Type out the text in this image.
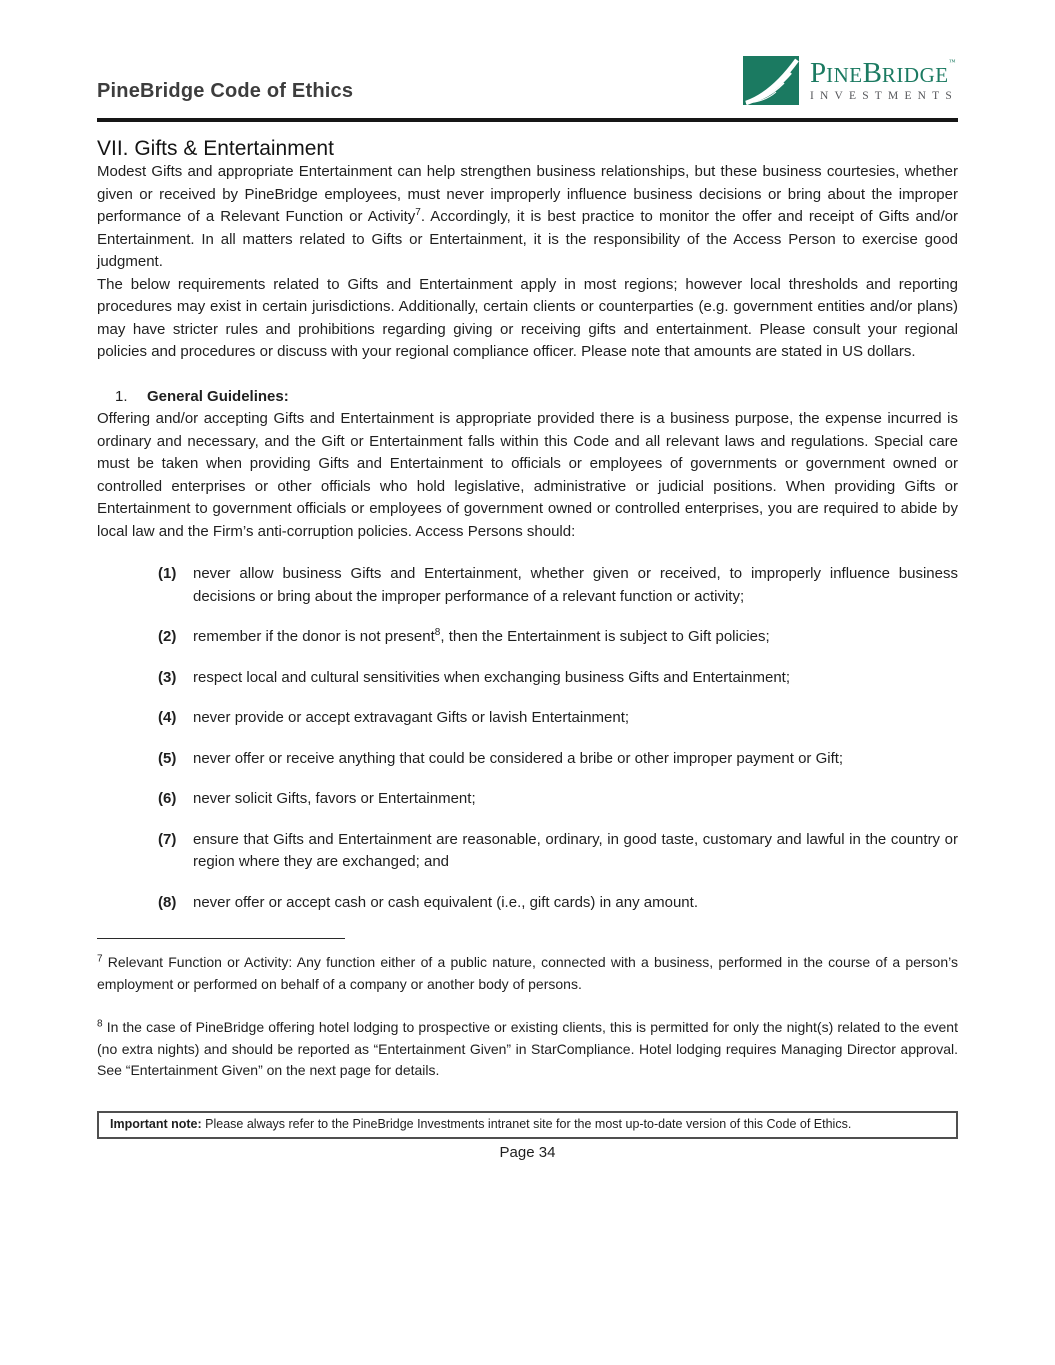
PineBridge Code of Ethics
PINEBRIDGE™
INVESTMENTS
VII. Gifts & Entertainment

Modest Gifts and appropriate Entertainment can help strengthen business relationships, but these business courtesies, whether given or received by PineBridge employees, must never improperly influence business decisions or bring about the improper performance of a Relevant Function or Activity$^7$. Accordingly, it is best practice to monitor the offer and receipt of Gifts and/or Entertainment. In all matters related to Gifts or Entertainment, it is the responsibility of the Access Person to exercise good judgment.

The below requirements related to Gifts and Entertainment apply in most regions; however local thresholds and reporting procedures may exist in certain jurisdictions. Additionally, certain clients or counterparties (e.g. government entities and/or plans) may have stricter rules and prohibitions regarding giving or receiving gifts and entertainment. Please consult your regional policies and procedures or discuss with your regional compliance officer. Please note that amounts are stated in US dollars.

1.	General Guidelines:

Offering and/or accepting Gifts and Entertainment is appropriate provided there is a business purpose, the expense incurred is ordinary and necessary, and the Gift or Entertainment falls within this Code and all relevant laws and regulations. Special care must be taken when providing Gifts and Entertainment to officials or employees of governments or government owned or controlled enterprises or other officials who hold legislative, administrative or judicial positions. When providing Gifts or Entertainment to government officials or employees of government owned or controlled enterprises, you are required to abide by local law and the Firm’s anti-corruption policies. Access Persons should:

(1)	never allow business Gifts and Entertainment, whether given or received, to improperly influence business decisions or bring about the improper performance of a relevant function or activity;
(2)	remember if the donor is not present$^8$, then the Entertainment is subject to Gift policies;
(3)	respect local and cultural sensitivities when exchanging business Gifts and Entertainment;
(4)	never provide or accept extravagant Gifts or lavish Entertainment;
(5)	never offer or receive anything that could be considered a bribe or other improper payment or Gift;
(6)	never solicit Gifts, favors or Entertainment;
(7)	ensure that Gifts and Entertainment are reasonable, ordinary, in good taste, customary and lawful in the country or region where they are exchanged; and
(8)	never offer or accept cash or cash equivalent (i.e., gift cards) in any amount.

$^7$ Relevant Function or Activity: Any function either of a public nature, connected with a business, performed in the course of a person’s employment or performed on behalf of a company or another body of persons.

$^8$ In the case of PineBridge offering hotel lodging to prospective or existing clients, this is permitted for only the night(s) related to the event (no extra nights) and should be reported as “Entertainment Given” in StarCompliance. Hotel lodging requires Managing Director approval. See “Entertainment Given” on the next page for details.

Important note: Please always refer to the PineBridge Investments intranet site for the most up-to-date version of this Code of Ethics.
Page 34
